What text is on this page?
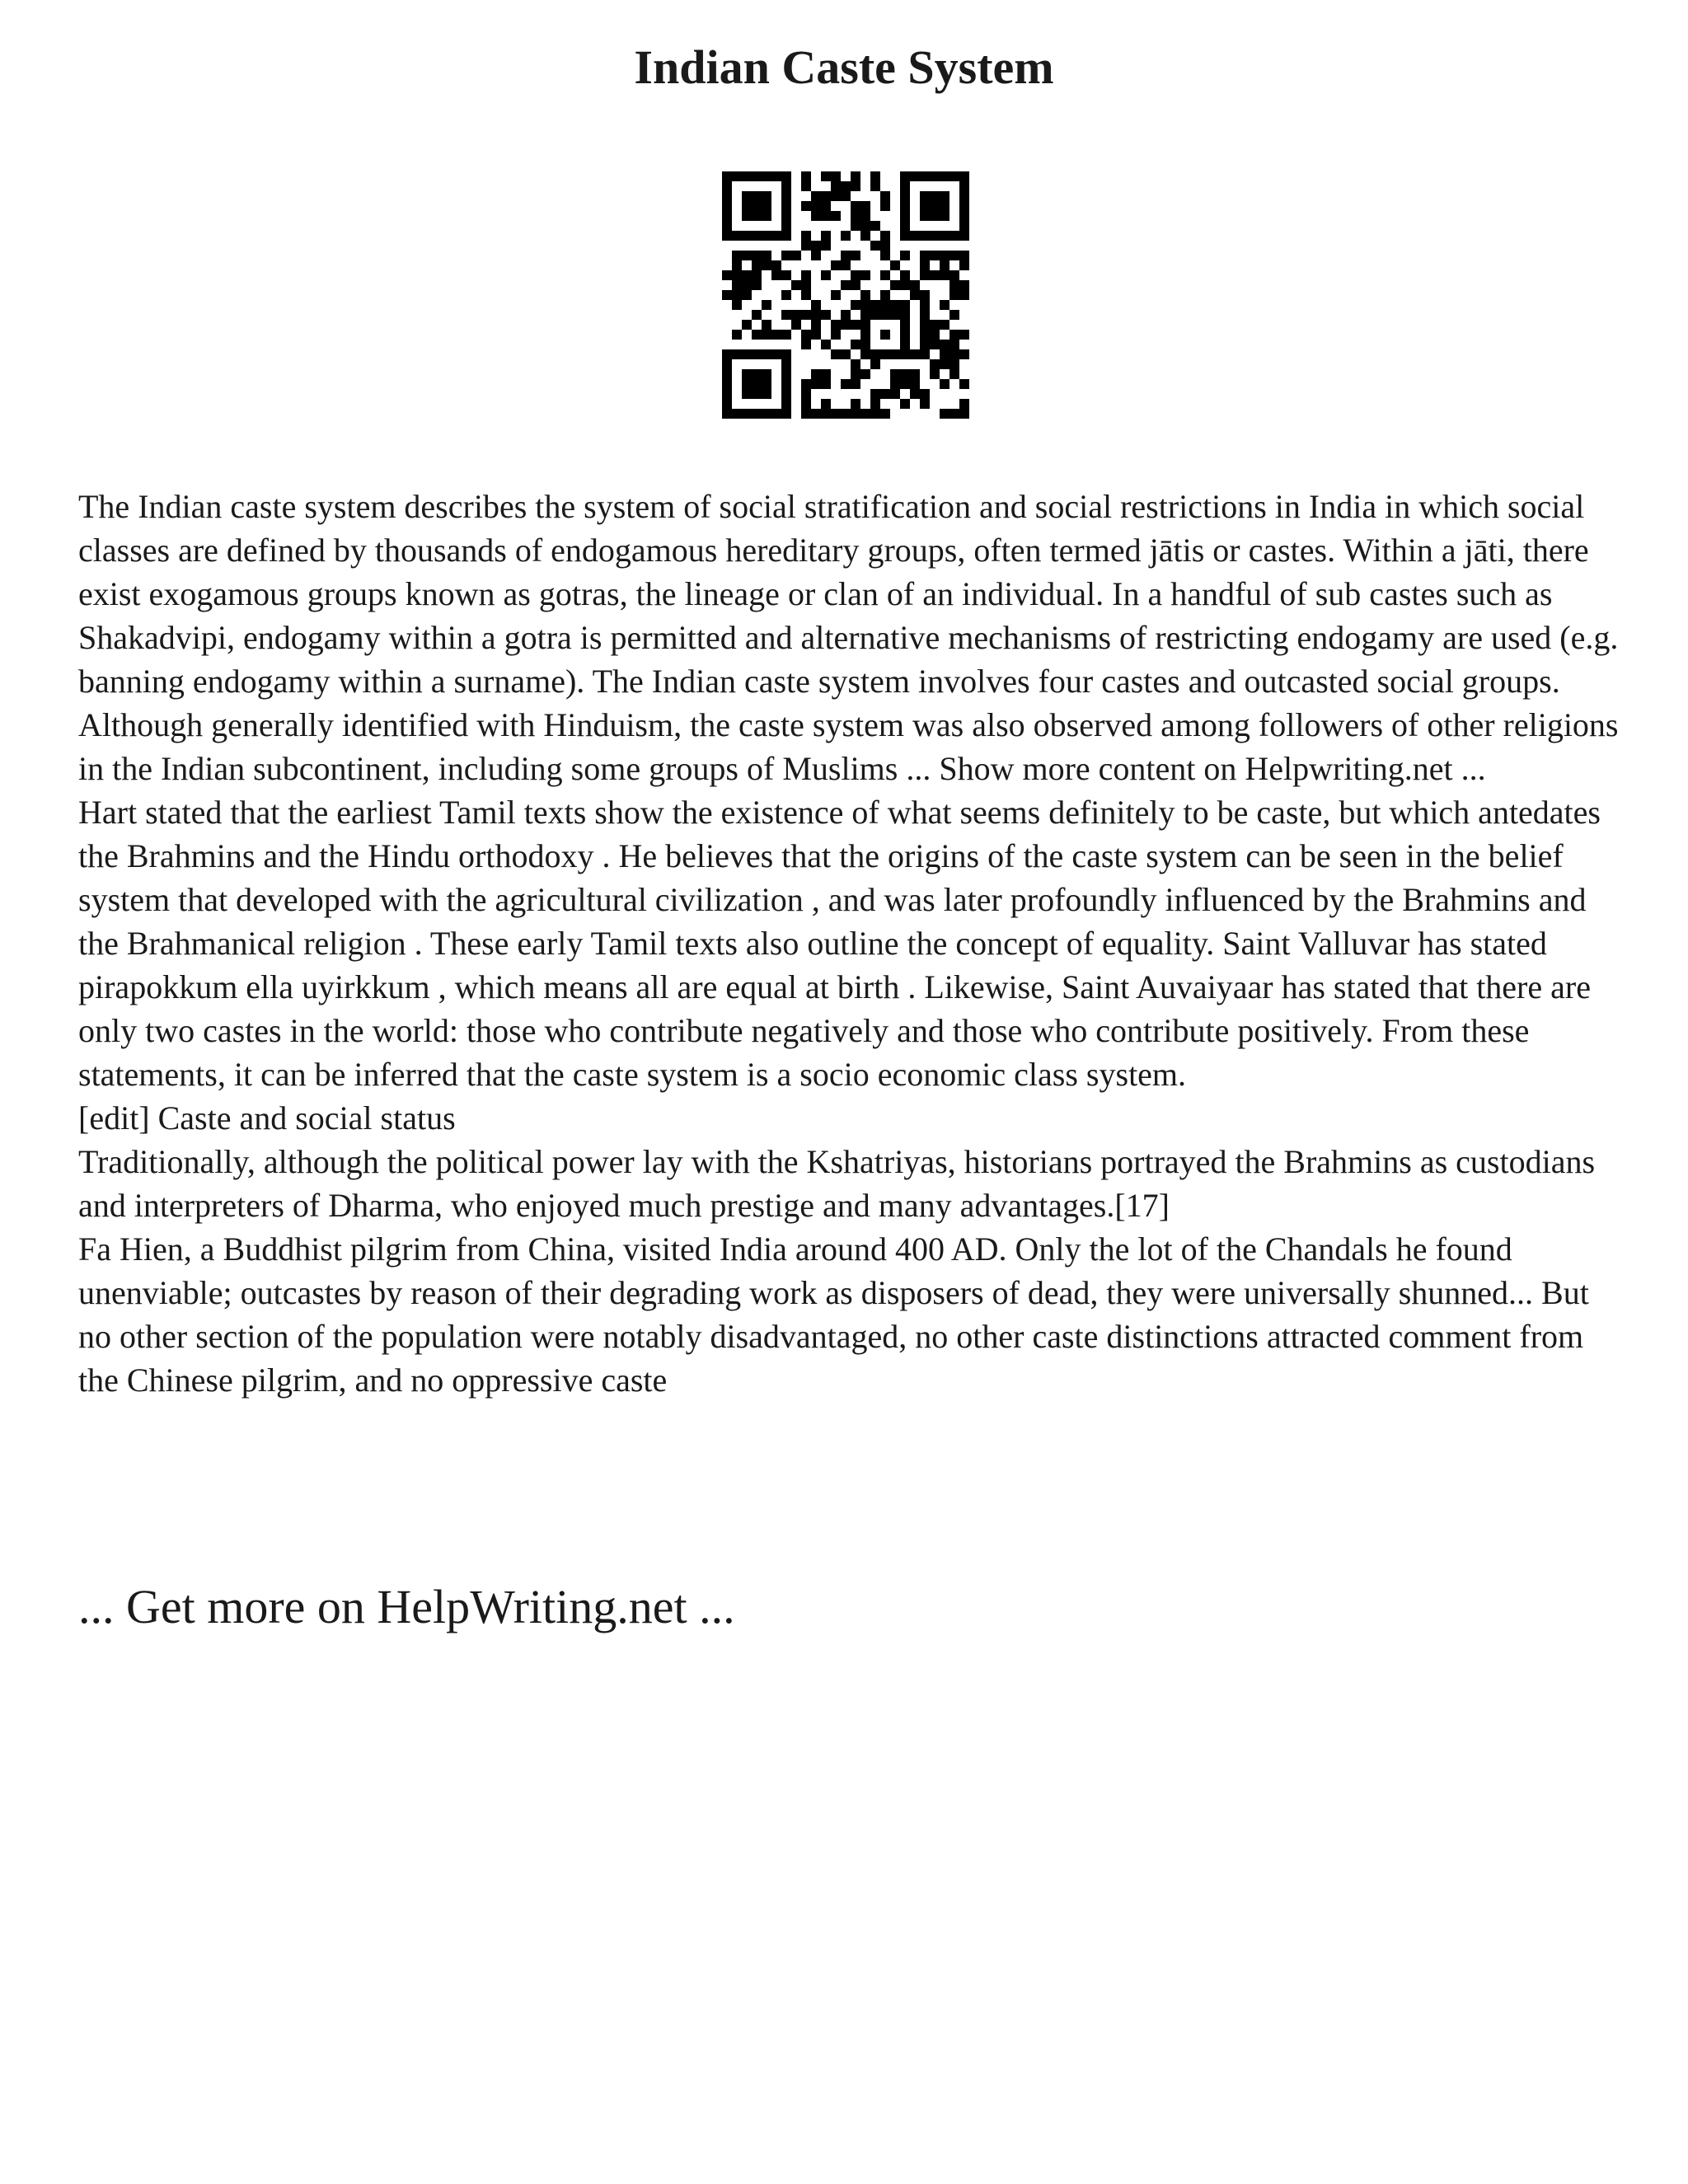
Indian Caste System

The Indian caste system describes the system of social stratification and social restrictions in India in which social classes are defined by thousands of endogamous hereditary groups, often termed jātis or castes. Within a jāti, there exist exogamous groups known as gotras, the lineage or clan of an individual. In a handful of sub castes such as Shakadvipi, endogamy within a gotra is permitted and alternative mechanisms of restricting endogamy are used (e.g. banning endogamy within a surname). The Indian caste system involves four castes and outcasted social groups. Although generally identified with Hinduism, the caste system was also observed among followers of other religions in the Indian subcontinent, including some groups of Muslims ... Show more content on Helpwriting.net ...

Hart stated that the earliest Tamil texts show the existence of what seems definitely to be caste, but which antedates the Brahmins and the Hindu orthodoxy . He believes that the origins of the caste system can be seen in the belief system that developed with the agricultural civilization , and was later profoundly influenced by the Brahmins and the Brahmanical religion . These early Tamil texts also outline the concept of equality. Saint Valluvar has stated pirapokkum ella uyirkkum , which means all are equal at birth . Likewise, Saint Auvaiyaar has stated that there are only two castes in the world: those who contribute negatively and those who contribute positively. From these statements, it can be inferred that the caste system is a socio economic class system.

[edit] Caste and social status

Traditionally, although the political power lay with the Kshatriyas, historians portrayed the Brahmins as custodians and interpreters of Dharma, who enjoyed much prestige and many advantages.[17]

Fa Hien, a Buddhist pilgrim from China, visited India around 400 AD. Only the lot of the Chandals he found unenviable; outcastes by reason of their degrading work as disposers of dead, they were universally shunned... But no other section of the population were notably disadvantaged, no other caste distinctions attracted comment from the Chinese pilgrim, and no oppressive caste

... Get more on HelpWriting.net ...
